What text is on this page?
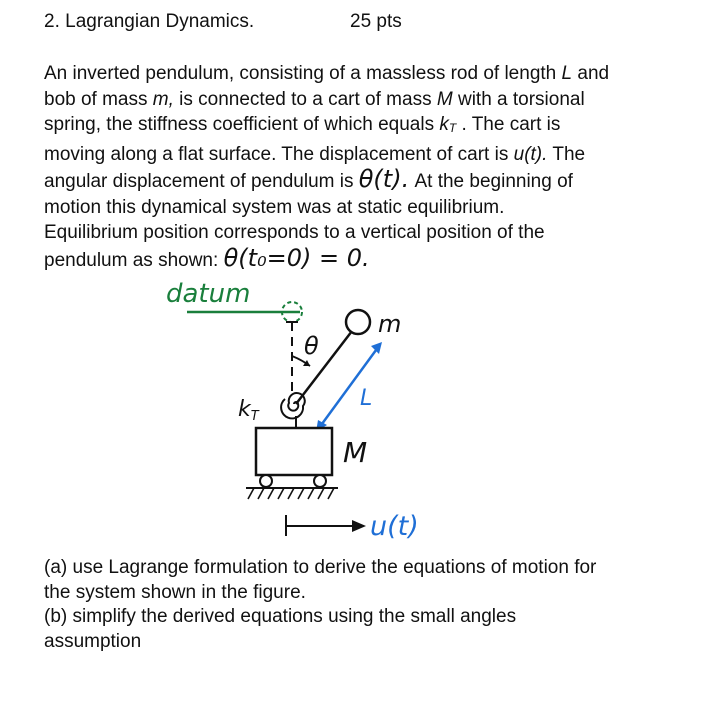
2. Lagrangian Dynamics.	25 pts
An inverted pendulum, consisting of a massless rod of length L and
bob of mass m, is connected to a cart of mass M with a torsional
spring, the stiffness coefficient of which equals kT . The cart is
moving along a flat surface. The displacement of cart is u(t). The
angular displacement of pendulum is θ(t). At the beginning of
motion this dynamical system was at static equilibrium.
Equilibrium position corresponds to a vertical position of the
pendulum as shown: θ(t₀=0) = 0.
datum
θ
m
L
kT
M
u(t)
(a) use Lagrange formulation to derive the equations of motion for
the system shown in the figure.
(b) simplify the derived equations using the small angles
assumption
